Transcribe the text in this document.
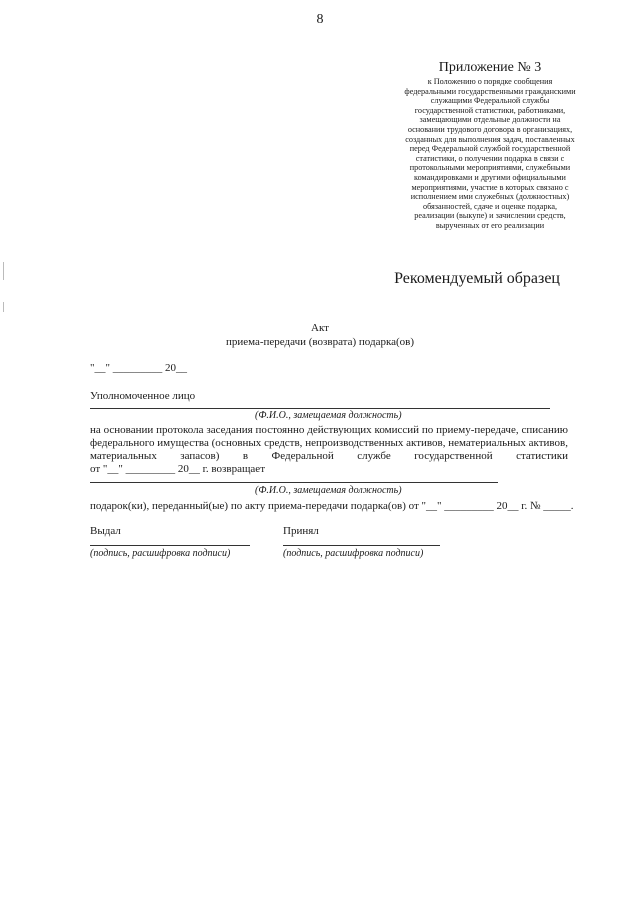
8
Приложение № 3
к Положению о порядке сообщения
федеральными государственными гражданскими
служащими Федеральной службы
государственной статистики, работниками,
замещающими отдельные должности на
основании трудового договора в организациях,
созданных для выполнения задач, поставленных
перед Федеральной службой государственной
статистики, о получении подарка в связи с
протокольными мероприятиями, служебными
командировками и другими официальными
мероприятиями, участие в которых связано с
исполнением ими служебных (должностных)
обязанностей, сдаче и оценке подарка,
реализации (выкупе) и зачислении средств,
вырученных от его реализации
Рекомендуемый образец
Акт
приема-передачи (возврата) подарка(ов)
"__" _________ 20__
Уполномоченное лицо
(Ф.И.О., замещаемая должность)
на основании протокола заседания постоянно действующих комиссий по приему-передаче, списанию
федерального имущества (основных средств, непроизводственных активов, нематериальных активов,
материальных запасов) в Федеральной службе государственной статистики
от "__" _________ 20__ г. возвращает
(Ф.И.О., замещаемая должность)
подарок(ки), переданный(ые) по акту приема-передачи подарка(ов) от "__" _________ 20__ г. № _____.
Выдал	Принял
(подпись, расшифровка подписи)	(подпись, расшифровка подписи)
